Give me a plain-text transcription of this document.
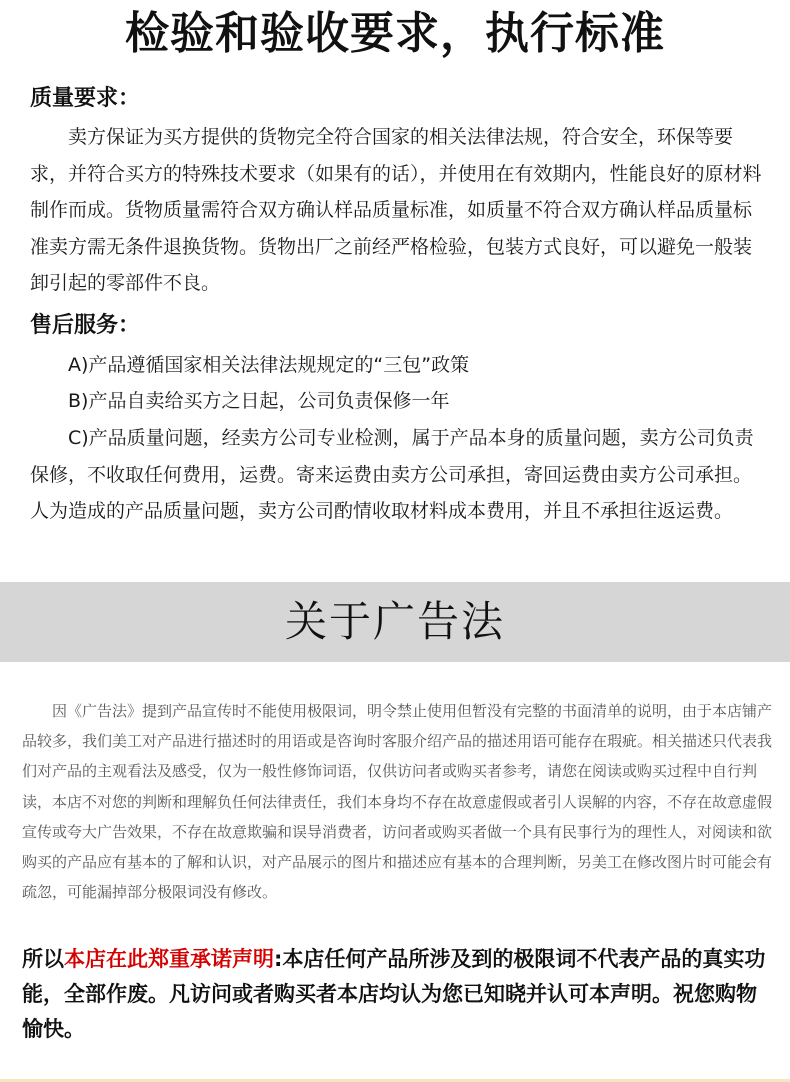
检验和验收要求，执行标准
质量要求：

卖方保证为买方提供的货物完全符合国家的相关法律法规，符合安全，环保等要求，并符合买方的特殊技术要求（如果有的话），并使用在有效期内，性能良好的原材料制作而成。货物质量需符合双方确认样品质量标准，如质量不符合双方确认样品质量标准卖方需无条件退换货物。货物出厂之前经严格检验，包装方式良好，可以避免一般装卸引起的零部件不良。

售后服务：
A)产品遵循国家相关法律法规规定的“三包”政策
B)产品自卖给买方之日起，公司负责保修一年

C)产品质量问题，经卖方公司专业检测，属于产品本身的质量问题，卖方公司负责保修，不收取任何费用，运费。寄来运费由卖方公司承担，寄回运费由卖方公司承担。人为造成的产品质量问题，卖方公司酌情收取材料成本费用，并且不承担往返运费。

关于广告法

因《广告法》提到产品宣传时不能使用极限词，明令禁止使用但暂没有完整的书面清单的说明，由于本店铺产品较多，我们美工对产品进行描述时的用语或是咨询时客服介绍产品的描述用语可能存在瑕疵。相关描述只代表我们对产品的主观看法及感受，仅为一般性修饰词语，仅供访问者或购买者参考，请您在阅读或购买过程中自行判读，本店不对您的判断和理解负任何法律责任，我们本身均不存在故意虚假或者引人误解的内容，不存在故意虚假宣传或夸大广告效果，不存在故意欺骗和误导消费者，访问者或购买者做一个具有民事行为的理性人，对阅读和欲购买的产品应有基本的了解和认识，对产品展示的图片和描述应有基本的合理判断，另美工在修改图片时可能会有疏忽，可能漏掉部分极限词没有修改。

所以本店在此郑重承诺声明:本店任何产品所涉及到的极限词不代表产品的真实功能，全部作废。凡访问或者购买者本店均认为您已知晓并认可本声明。祝您购物愉快。
